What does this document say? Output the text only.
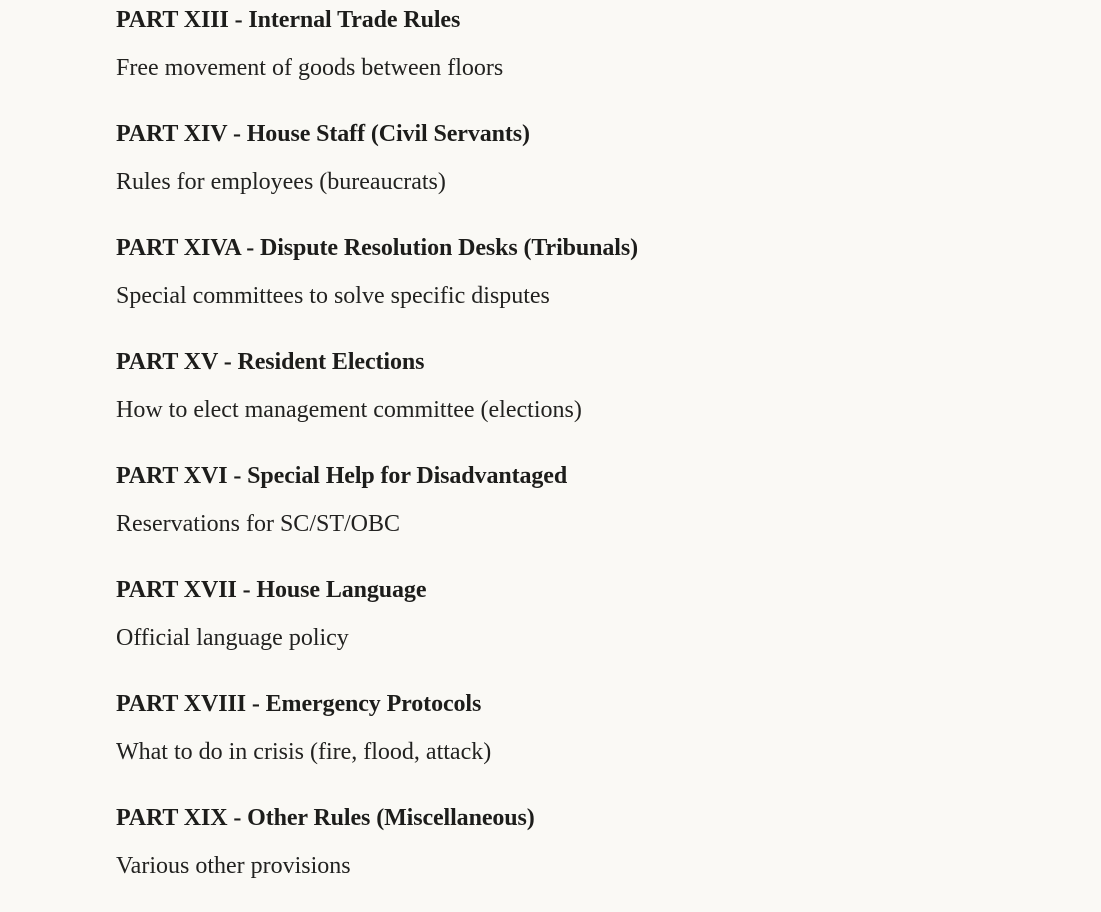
PART XIII - Internal Trade Rules

Free movement of goods between floors

PART XIV - House Staff (Civil Servants)

Rules for employees (bureaucrats)

PART XIVA - Dispute Resolution Desks (Tribunals)

Special committees to solve specific disputes

PART XV - Resident Elections

How to elect management committee (elections)

PART XVI - Special Help for Disadvantaged

Reservations for SC/ST/OBC

PART XVII - House Language

Official language policy

PART XVIII - Emergency Protocols

What to do in crisis (fire, flood, attack)

PART XIX - Other Rules (Miscellaneous)

Various other provisions
